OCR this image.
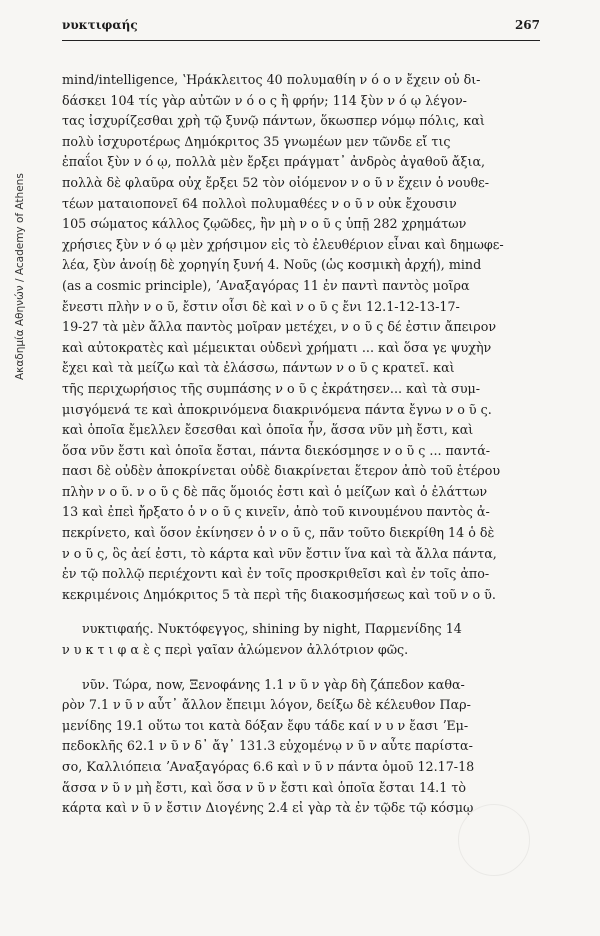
Ακαδημία Αθηνών / Academy of Athens
νυκτιφαής	267
mind/intelligence, ʽΗράκλειτος 40 πολυμαθίη ν ό ο ν ἔχειν οὐ δι-
δάσκει 104 τίς γὰρ αὐτῶν ν ό ο ς ἢ φρήν; 114 ξὺν ν ό ῳ λέγον-
τας ἰσχυρίζεσθαι χρὴ τῷ ξυνῷ πάντων, ὅκωσπερ νόμῳ πόλις, καὶ
πολὺ ἰσχυροτέρως Δημόκριτος 35 γνωμέων μεν τῶνδε εἴ τις
ἐπαΐοι ξὺν ν ό ῳ, πολλὰ μὲν ἔρξει πράγματ᾽ ἀνδρὸς ἀγαθοῦ ἄξια,
πολλὰ δὲ φλαῦρα οὐχ ἔρξει 52 τὸν οἰόμενον ν ο ῦ ν ἔχειν ὁ νουθε-
τέων ματαιοπονεῖ 64 πολλοὶ πολυμαθέες ν ο ῦ ν οὐκ ἔχουσιν
105 σώματος κάλλος ζῳῶδες, ἢν μὴ ν ο ῦ ς ὑπῇ 282 χρημάτων
χρήσιες ξὺν ν ό ῳ μὲν χρήσιμον εἰς τὸ ἐλευθέριον εἶναι καὶ δημωφε-
λέα, ξὺν ἀνοίῃ δὲ χορηγίη ξυνή 4. Νοῦς (ὡς κοσμικὴ ἀρχή), mind
(as a cosmic principle), ʼΑναξαγόρας 11 ἐν παντὶ παντὸς μοῖρα
ἔνεστι πλὴν ν ο ῦ, ἔστιν οἷσι δὲ καὶ ν ο ῦ ς ἔνι 12.1-12-13-17-
19-27 τὰ μὲν ἄλλα παντὸς μοῖραν μετέχει, ν ο ῦ ς δέ ἐστιν ἄπειρον
καὶ αὐτοκρατὲς καὶ μέμεικται οὐδενὶ χρήματι ... καὶ ὅσα γε ψυχὴν
ἔχει καὶ τὰ μείζω καὶ τὰ ἐλάσσω, πάντων ν ο ῦ ς κρατεῖ. καὶ
τῆς περιχωρήσιος τῆς συμπάσης ν ο ῦ ς ἐκράτησεν... καὶ τὰ συμ-
μισγόμενά τε καὶ ἀποκρινόμενα διακρινόμενα πάντα ἔγνω ν ο ῦ ς.
καὶ ὁποῖα ἔμελλεν ἔσεσθαι καὶ ὁποῖα ἦν, ἅσσα νῦν μὴ ἔστι, καὶ
ὅσα νῦν ἔστι καὶ ὁποῖα ἔσται, πάντα διεκόσμησε ν ο ῦ ς ... παντά-
πασι δὲ οὐδὲν ἀποκρίνεται οὐδὲ διακρίνεται ἕτερον ἀπὸ τοῦ ἑτέρου
πλὴν ν ο ῦ. ν ο ῦ ς δὲ πᾶς ὅμοιός ἐστι καὶ ὁ μείζων καὶ ὁ ἐλάττων
13 καὶ ἐπεὶ ἤρξατο ὁ ν ο ῦ ς κινεῖν, ἀπὸ τοῦ κινουμένου παντὸς ἀ-
πεκρίνετο, καὶ ὅσον ἐκίνησεν ὁ ν ο ῦ ς, πᾶν τοῦτο διεκρίθη 14 ὁ δὲ
ν ο ῦ ς, ὃς ἀεί ἐστι, τὸ κάρτα καὶ νῦν ἔστιν ἵνα καὶ τὰ ἄλλα πάντα,
ἐν τῷ πολλῷ περιέχοντι καὶ ἐν τοῖς προσκριθεῖσι καὶ ἐν τοῖς ἀπο-
κεκριμένοις Δημόκριτος 5 τὰ περὶ τῆς διακοσμήσεως καὶ τοῦ ν ο ῦ.
νυκτιφαής. Νυκτόφεγγος, shining by night, Παρμενίδης 14
ν υ κ τ ι φ α ὲ ς περὶ γαῖαν ἀλώμενον ἀλλότριον φῶς.
νῦν. Τώρα, now, Ξενοφάνης 1.1 ν ῦ ν γὰρ δὴ ζάπεδον καθα-
ρὸν 7.1 ν ῦ ν αὖτ᾽ ἄλλον ἔπειμι λόγον, δείξω δὲ κέλευθον Παρ-
μενίδης 19.1 οὕτω τοι κατὰ δόξαν ἔφυ τάδε καί ν υ ν ἔασι ʼΕμ-
πεδοκλῆς 62.1 ν ῦ ν δ᾽ ἄγ᾽ 131.3 εὐχομένῳ ν ῦ ν αὖτε παρίστα-
σο, Καλλιόπεια ʼΑναξαγόρας 6.6 καὶ ν ῦ ν πάντα ὁμοῦ 12.17-18
ἅσσα ν ῦ ν μὴ ἔστι, καὶ ὅσα ν ῦ ν ἔστι καὶ ὁποῖα ἔσται 14.1 τὸ
κάρτα καὶ ν ῦ ν ἔστιν Διογένης 2.4 εἰ γὰρ τὰ ἐν τῷδε τῷ κόσμῳ
